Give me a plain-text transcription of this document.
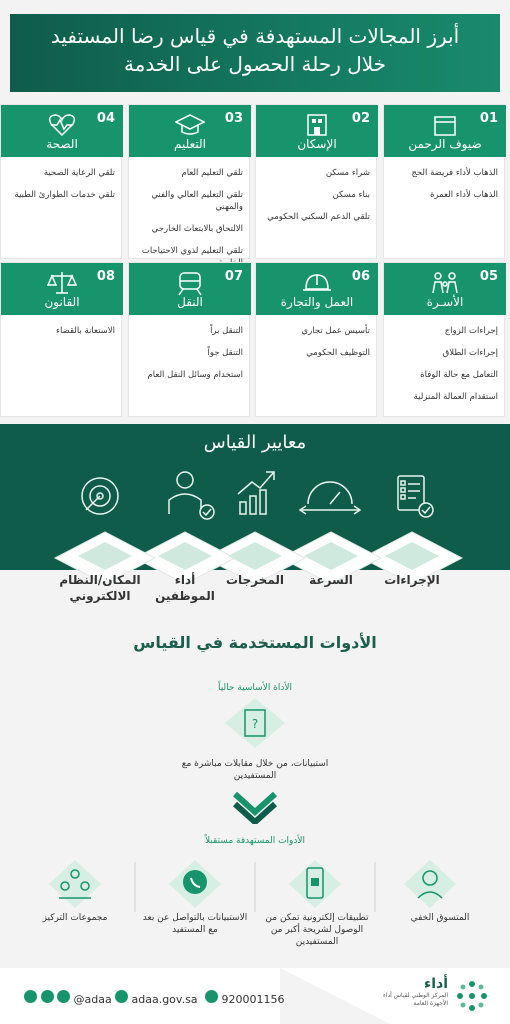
أبرز المجالات المستهدفة في قياس رضا المستفيد
خلال رحلة الحصول على الخدمة
01
ضيوف الرحمن
الذهاب لأداء فريضة الحج
الذهاب لأداء العمرة
02
الإسكان
شراء مسكن
بناء مسكن
تلقي الدعم السكني الحكومي
03
التعليم
تلقي التعليم العام
تلقي التعليم العالي والفني والمهني
الالتحاق بالابتعاث الخارجي
تلقي التعليم لذوي الاحتياجات
04
الصحة
تلقي الرعاية الصحية
تلقي خدمات الطوارئ الطبية
05
الأسـرة
إجراءات الزواج
إجراءات الطلاق
التعامل مع حالة الوفاة
استقدام العمالة المنزلية
06
العمل والتجارة
تأسيس عمل تجاري
التوظيف الحكومي
07
النقل
التنقل براً
التنقل جواً
استخدام وسائل النقل العام
08
القانون
الاستعانة بالقضاء
معايير القياس
الإجراءات
السرعة
المخرجات
أداء الموظفين
المكان/النظام الالكتروني
الأدوات المستخدمة في القياس
الأداة الأساسية حالياً
?
استبيانات، من خلال مقابلات مباشرة مع المستفيدين
الأدوات المستهدفة مستقبلاً
المتسوق الخفي
تطبيقات إلكترونية تمكن من الوصول لشريحة أكبر من المستفيدين
الاستبيانات بالتواصل عن بعد مع المستفيد
مجموعات التركيز
@adaa	adaa.gov.sa	920001156
أداء
المركز الوطني لقياس أداء الأجهزة العامة
